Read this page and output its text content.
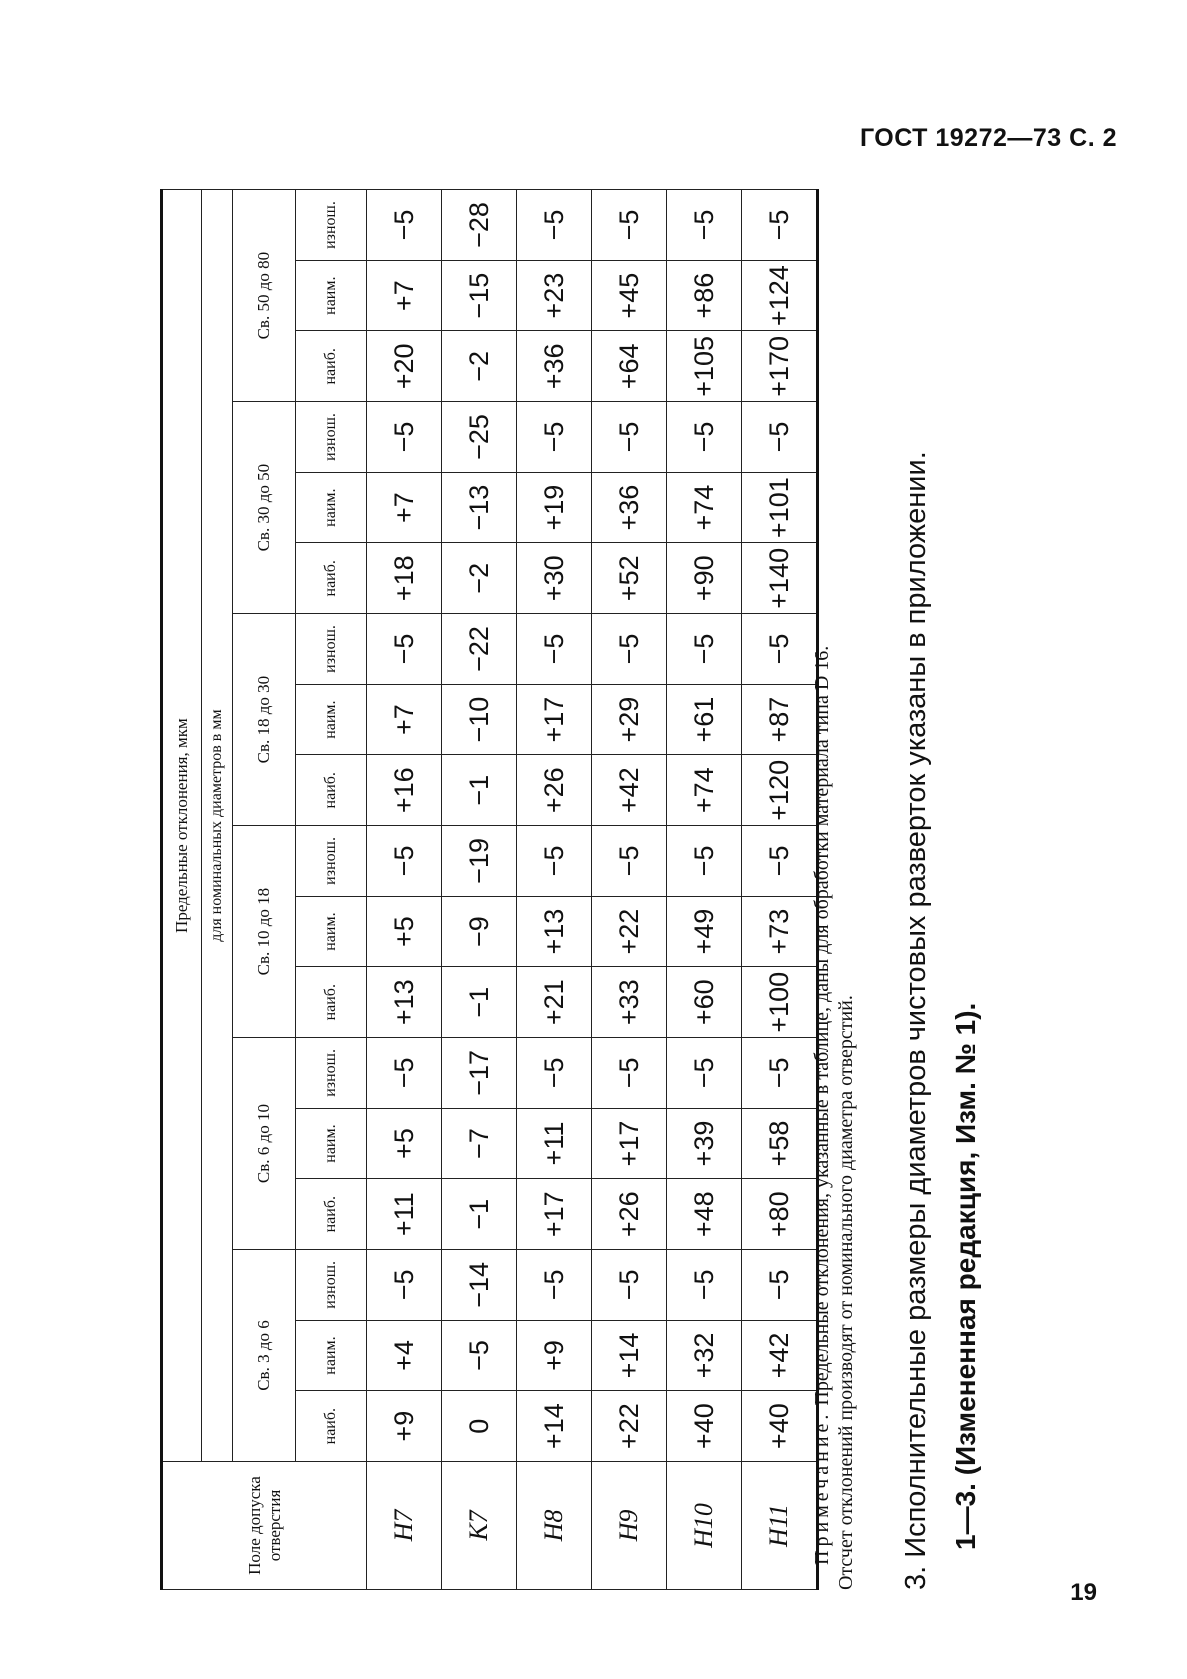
ГОСТ 19272—73 С. 2
Поле допуска отверстия	Предельные отклонения, мкм																	
	для номинальных диаметров в мм																	
	Св. 3 до 6			Св. 6 до 10			Св. 10 до 18			Св. 18 до 30			Св. 30 до 50			Св. 50 до 80		
	наиб.	наим.	изнош.	наиб.	наим.	изнош.	наиб.	наим.	изнош.	наиб.	наим.	изнош.	наиб.	наим.	изнош.	наиб.	наим.	изнош.
H7	+9	+4	−5	+11	+5	−5	+13	+5	−5	+16	+7	−5	+18	+7	−5	+20	+7	−5
K7	0	−5	−14	−1	−7	−17	−1	−9	−19	−1	−10	−22	−2	−13	−25	−2	−15	−28
H8	+14	+9	−5	+17	+11	−5	+21	+13	−5	+26	+17	−5	+30	+19	−5	+36	+23	−5
H9	+22	+14	−5	+26	+17	−5	+33	+22	−5	+42	+29	−5	+52	+36	−5	+64	+45	−5
H10	+40	+32	−5	+48	+39	−5	+60	+49	−5	+74	+61	−5	+90	+74	−5	+105	+86	−5
H11	+40	+42	−5	+80	+58	−5	+100	+73	−5	+120	+87	−5	+140	+101	−5	+170	+124	−5
Примечание. Предельные отклонения, указанные в таблице, даны для обработки материала типа D 16. Отсчет отклонений производят от номинального диаметра отверстий. 3. Исполнительные размеры диаметров чистовых разверток указаны в приложении. 1—3. (Измененная редакция, Изм. № 1).
19
